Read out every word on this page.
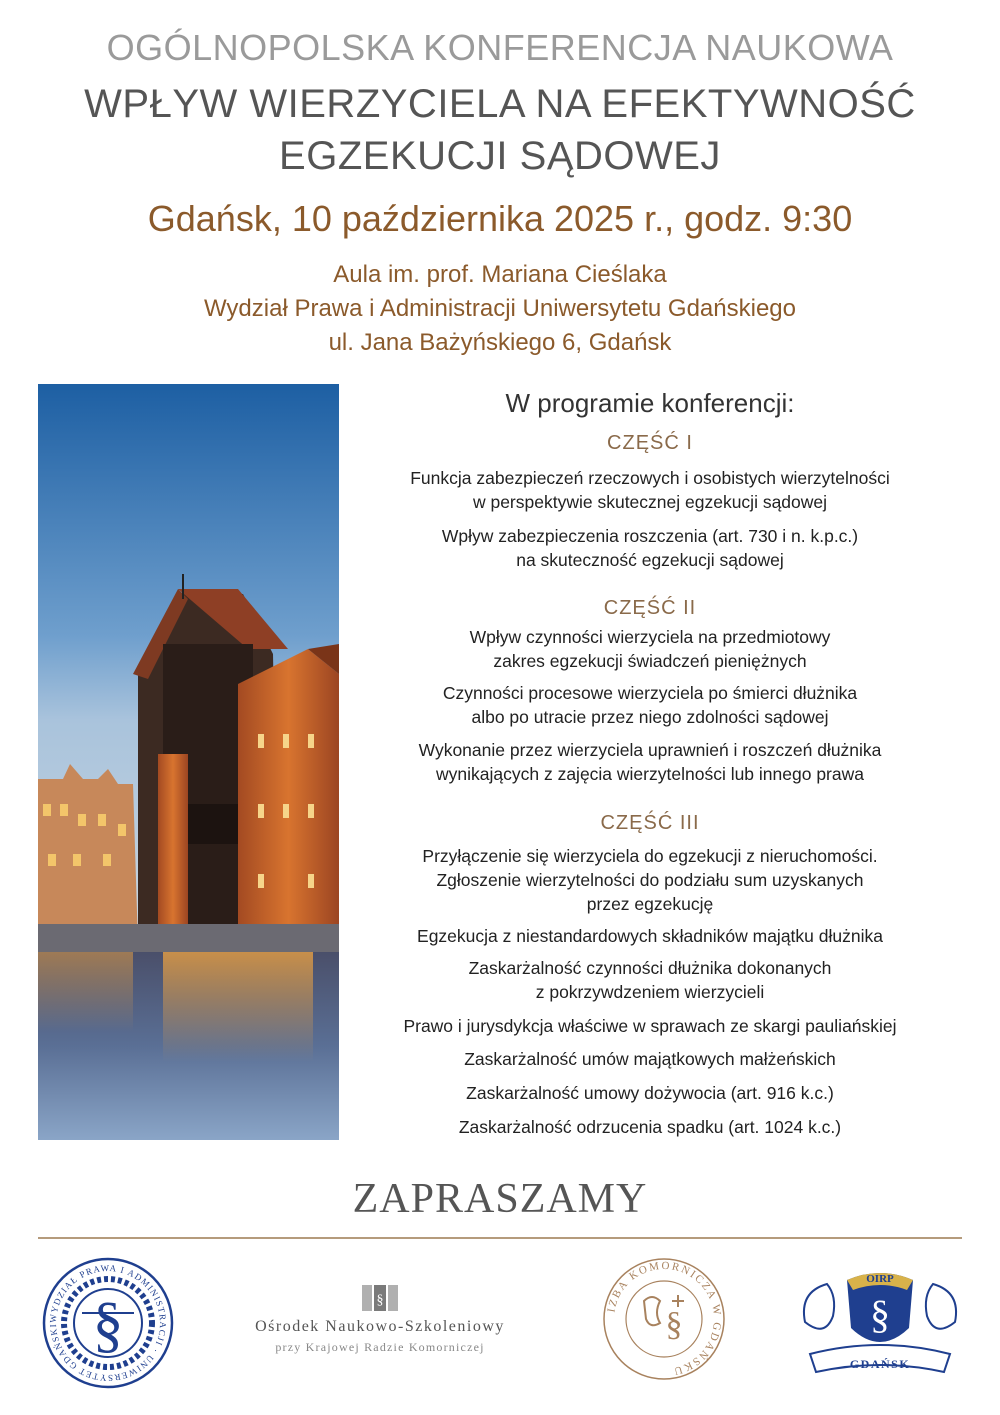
OGÓLNOPOLSKA KONFERENCJA NAUKOWA
WPŁYW WIERZYCIELA NA EFEKTYWNOŚĆ
EGZEKUCJI SĄDOWEJ
Gdańsk, 10 października 2025 r., godz. 9:30
Aula im. prof. Mariana Cieślaka
Wydział Prawa i Administracji Uniwersytetu Gdańskiego
ul. Jana Bażyńskiego 6, Gdańsk
W programie konferencji:
CZĘŚĆ I
Funkcja zabezpieczeń rzeczowych i osobistych wierzytelności
w perspektywie skutecznej egzekucji sądowej
Wpływ zabezpieczenia roszczenia (art. 730 i n. k.p.c.)
na skuteczność egzekucji sądowej
CZĘŚĆ II
Wpływ czynności wierzyciela na przedmiotowy
zakres egzekucji świadczeń pieniężnych
Czynności procesowe wierzyciela po śmierci dłużnika
albo po utracie przez niego zdolności sądowej
Wykonanie przez wierzyciela uprawnień i roszczeń dłużnika
wynikających z zajęcia wierzytelności lub innego prawa
CZĘŚĆ III
Przyłączenie się wierzyciela do egzekucji z nieruchomości.
Zgłoszenie wierzytelności do podziału sum uzyskanych
przez egzekucję
Egzekucja z niestandardowych składników majątku dłużnika
Zaskarżalność czynności dłużnika dokonanych
z pokrzywdzeniem wierzycieli
Prawo i jurysdykcja właściwe w sprawach ze skargi pauliańskiej
Zaskarżalność umów majątkowych małżeńskich
Zaskarżalność umowy dożywocia (art. 916 k.c.)
Zaskarżalność odrzucenia spadku (art. 1024 k.c.)
ZAPRASZAMY
WYDZIAŁ PRAWA I ADMINISTRACJI · UNIWERSYTET GDAŃSKI §	§
Ośrodek Naukowo-Szkoleniowy
przy Krajowej Radzie Komorniczej
IZBA KOMORNICZA W GDAŃSKU
§
OIRP
§
GDAŃSK
